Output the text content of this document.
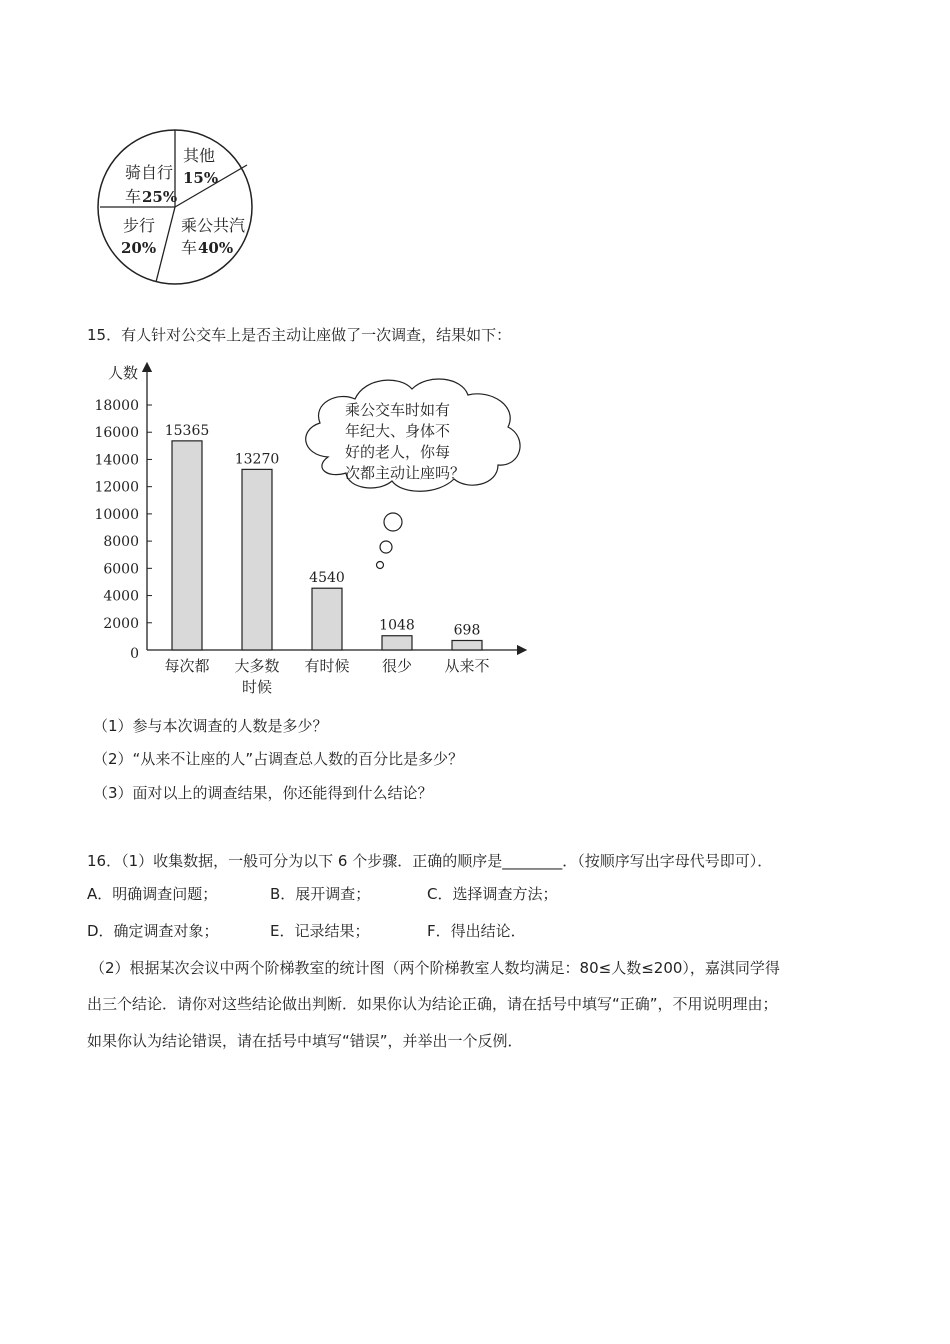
其他
15%
乘公共汽
车 40%
步行
20%
骑自行
车 25%
15．有人针对公交车上是否主动让座做了一次调查，结果如下：
人数
0
2000
4000
6000
8000
10000
12000
14000
16000
18000
15365
13270
4540
1048	698
每次都 大多数
时候
有时候 很少 从来不
乘公交车时如有
年纪大、身体不
好的老人，你每
次都主动让座吗？
（1）参与本次调查的人数是多少？
（2）“从来不让座的人”占调查总人数的百分比是多少？
（3）面对以上的调查结果，你还能得到什么结论？
16．（1）收集数据，一般可分为以下 6 个步骤．正确的顺序是________．（按顺序写出字母代号即可）．
A．明确调查问题；	B．展开调查；	C．选择调查方法；
D．确定调查对象；	E．记录结果；	F．得出结论．
（2）根据某次会议中两个阶梯教室的统计图（两个阶梯教室人数均满足：80≤人数≤200），嘉淇同学得
出三个结论．请你对这些结论做出判断．如果你认为结论正确，请在括号中填写“正确”，不用说明理由；
如果你认为结论错误，请在括号中填写“错误”，并举出一个反例．
